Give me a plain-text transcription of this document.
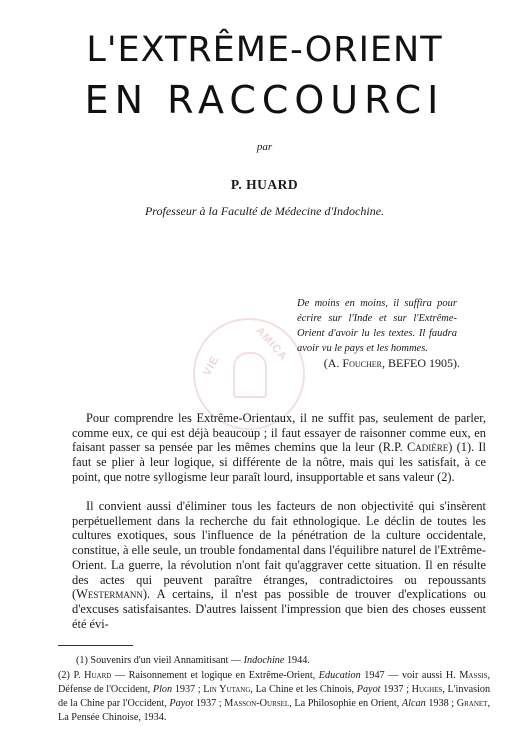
L'EXTRÊME-ORIENT
EN RACCOURCI
par
P. HUARD
Professeur à la Faculté de Médecine d'Indochine.
VIE
AMICA
De moins en moins, il suffira pour écrire sur l'Inde et sur l'Extrême-Orient d'avoir lu les textes. Il faudra avoir vu le pays et les hommes.
(A. Foucher, BEFEO 1905).

Pour comprendre les Extrême-Orientaux, il ne suffit pas, seulement de parler, comme eux, ce qui est déjà beaucoup ; il faut essayer de raisonner comme eux, en faisant passer sa pensée par les mêmes chemins que la leur (R.P. Cadière) (1). Il faut se plier à leur logique, si différente de la nôtre, mais qui les satisfait, à ce point, que notre syllogisme leur paraît lourd, insupportable et sans valeur (2).

Il convient aussi d'éliminer tous les facteurs de non objectivité qui s'insèrent perpétuellement dans la recherche du fait ethnologique. Le déclin de toutes les cultures exotiques, sous l'influence de la pénétration de la culture occidentale, constitue, à elle seule, un trouble fondamental dans l'équilibre naturel de l'Extrême-Orient. La guerre, la révolution n'ont fait qu'aggraver cette situation. Il en résulte des actes qui peuvent paraître étranges, contradictoires ou repoussants (Westermann). A certains, il n'est pas possible de trouver d'explications ou d'excuses satisfaisantes. D'autres laissent l'impression que bien des choses eussent été évi-

(1) Souvenirs d'un vieil Annamitisant — Indochine 1944.

(2) P. Huard — Raisonnement et logique en Extrême-Orient, Education 1947 — voir aussi H. Massis, Défense de l'Occident, Plon 1937 ; Lin Yutang, La Chine et les Chinois, Payot 1937 ; Hughes, L'invasion de la Chine par l'Occident, Payot 1937 ; Masson-Oursel, La Philosophie en Orient, Alcan 1938 ; Granet, La Pensée Chinoise, 1934.
